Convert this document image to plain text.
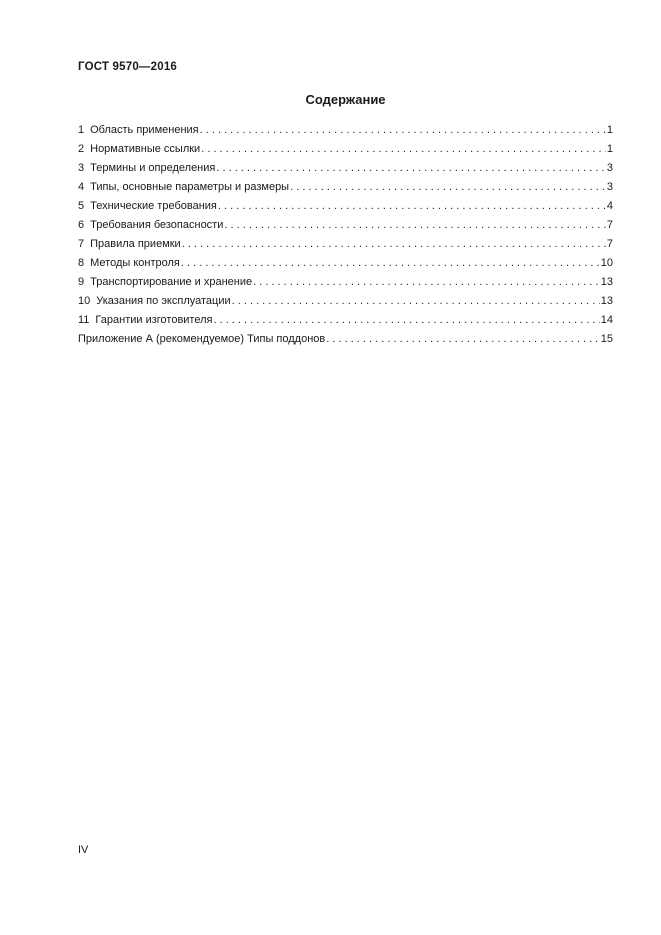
ГОСТ 9570—2016
Содержание
1 Область применения . . .	1
2 Нормативные ссылки . . .	1
3 Термины и определения . . .	3
4 Типы, основные параметры и размеры . . .	3
5 Технические требования . . .	4
6 Требования безопасности . . .	7
7 Правила приемки . . .	7
8 Методы контроля . . .	10
9 Транспортирование и хранение . . .	13
10 Указания по эксплуатации . . .	13
11 Гарантии изготовителя . . .	14
Приложение А (рекомендуемое) Типы поддонов . . .	15
IV
